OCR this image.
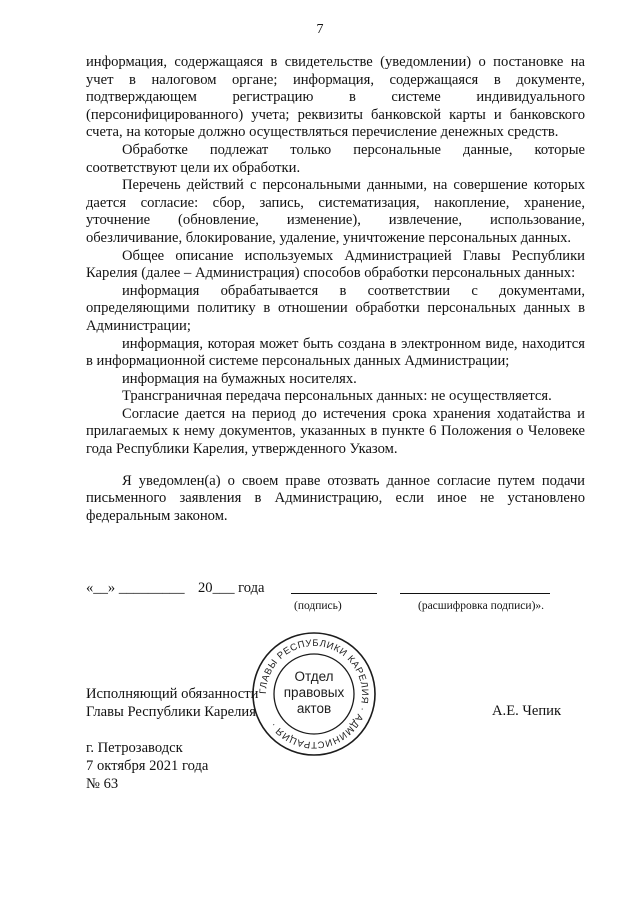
7

информация, содержащаяся в свидетельстве (уведомлении) о постановке на учет в налоговом органе; информация, содержащаяся в документе, подтверждающем регистрацию в системе индивидуального (персонифицированного) учета; реквизиты банковской карты и банковского счета, на которые должно осуществляться перечисление денежных средств.

Обработке подлежат только персональные данные, которые соответствуют цели их обработки.

Перечень действий с персональными данными, на совершение которых дается согласие: сбор, запись, систематизация, накопление, хранение, уточнение (обновление, изменение), извлечение, использование, обезличивание, блокирование, удаление, уничтожение персональных данных.

Общее описание используемых Администрацией Главы Республики Карелия (далее – Администрация) способов обработки персональных данных:

информация обрабатывается в соответствии с документами, определяющими политику в отношении обработки персональных данных в Администрации;

информация, которая может быть создана в электронном виде, находится в информационной системе персональных данных Администрации;

информация на бумажных носителях.

Трансграничная передача персональных данных: не осуществляется.

Согласие дается на период до истечения срока хранения ходатайства и прилагаемых к нему документов, указанных в пункте 6 Положения о Человеке года Республики Карелия, утвержденного Указом.

Я уведомлен(а) о своем праве отозвать данное согласие путем подачи письменного заявления в Администрацию, если иное не установлено федеральным законом.

«__» _________ 20___ года
(подпись)	(расшифровка подписи)».
Исполняющий обязанности
Главы Республики Карелия	А.Е. Чепик
г. Петрозаводск
7 октября 2021 года
№ 63
ГЛАВЫ РЕСПУБЛИКИ КАРЕЛИЯ · АДМИНИСТРАЦИЯ ·
Отдел
правовых
актов
